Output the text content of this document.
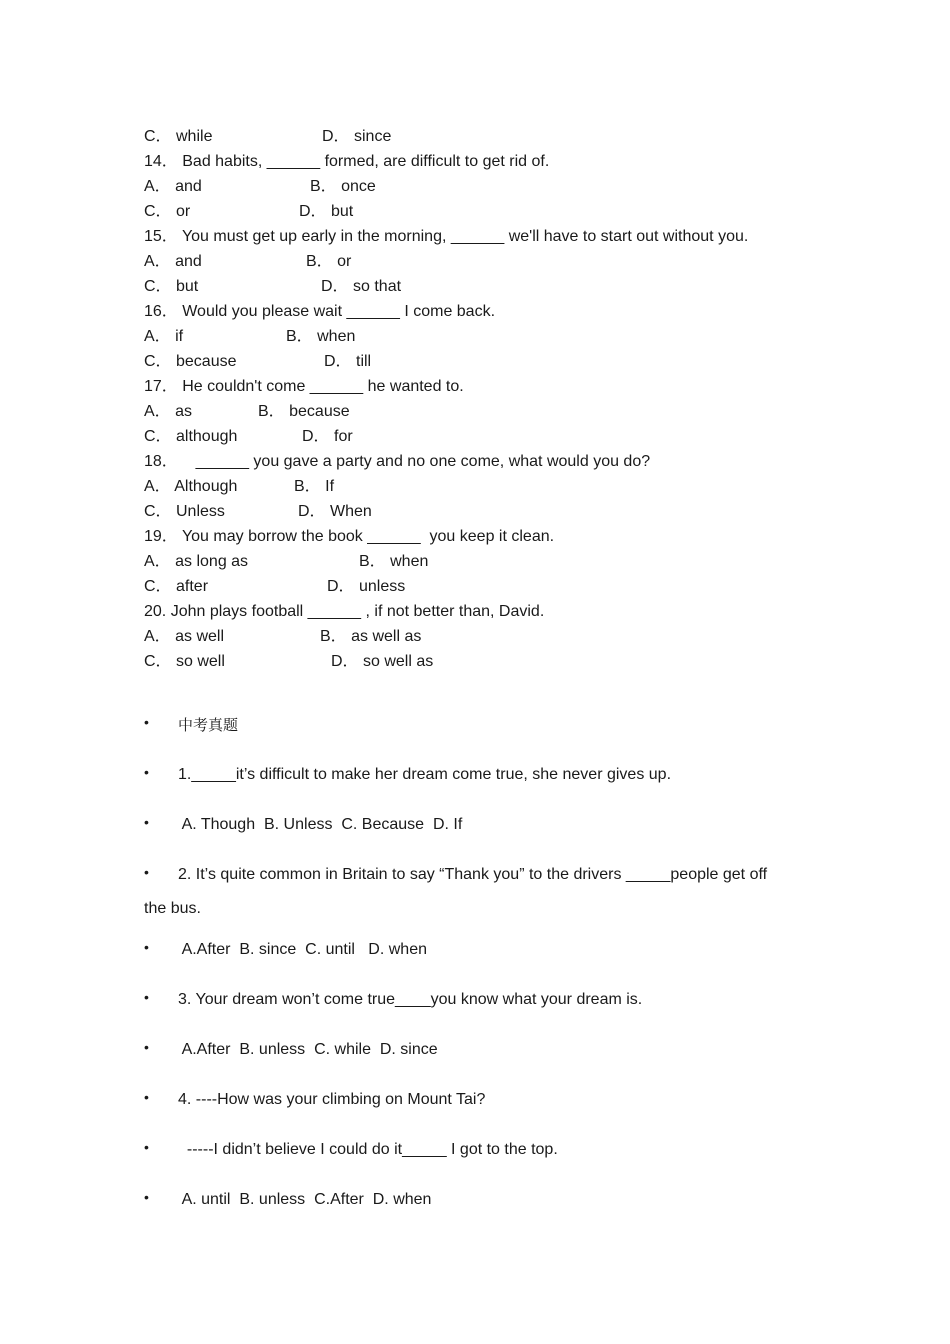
C． while	D． since
14． Bad habits, ______ formed, are difficult to get rid of.
A． and	B． once
C． or	D． but
15． You must get up early in the morning, ______ we'll have to start out without you.
A． and	B． or
C． but	D． so that
16． Would you please wait ______ I come back.
A． if	B． when
C． because	D． till
17． He couldn't come ______ he wanted to.
A． as	B． because
C． although	D． for
18．    ______ you gave a party and no one come, what would you do?
A． Although	B． If
C． Unless	D． When
19． You may borrow the book ______  you keep it clean.
A． as long as	B． when
C． after	D． unless
20. John plays football ______ , if not better than, David.
A． as well	B． as well as
C． so well	D． so well as
• 中考真题
• 1._____it’s difficult to make her dream come true, she never gives up.
• A. Though  B. Unless  C. Because  D. If
• 2. It’s quite common in Britain to say “Thank you” to the drivers _____people get off
the bus.
• A.After  B. since  C. until   D. when
• 3. Your dream won’t come true____you know what your dream is.
• A.After  B. unless  C. while  D. since
• 4. ----How was your climbing on Mount Tai?
• -----I didn’t believe I could do it_____ I got to the top.
• A. until  B. unless  C.After  D. when
